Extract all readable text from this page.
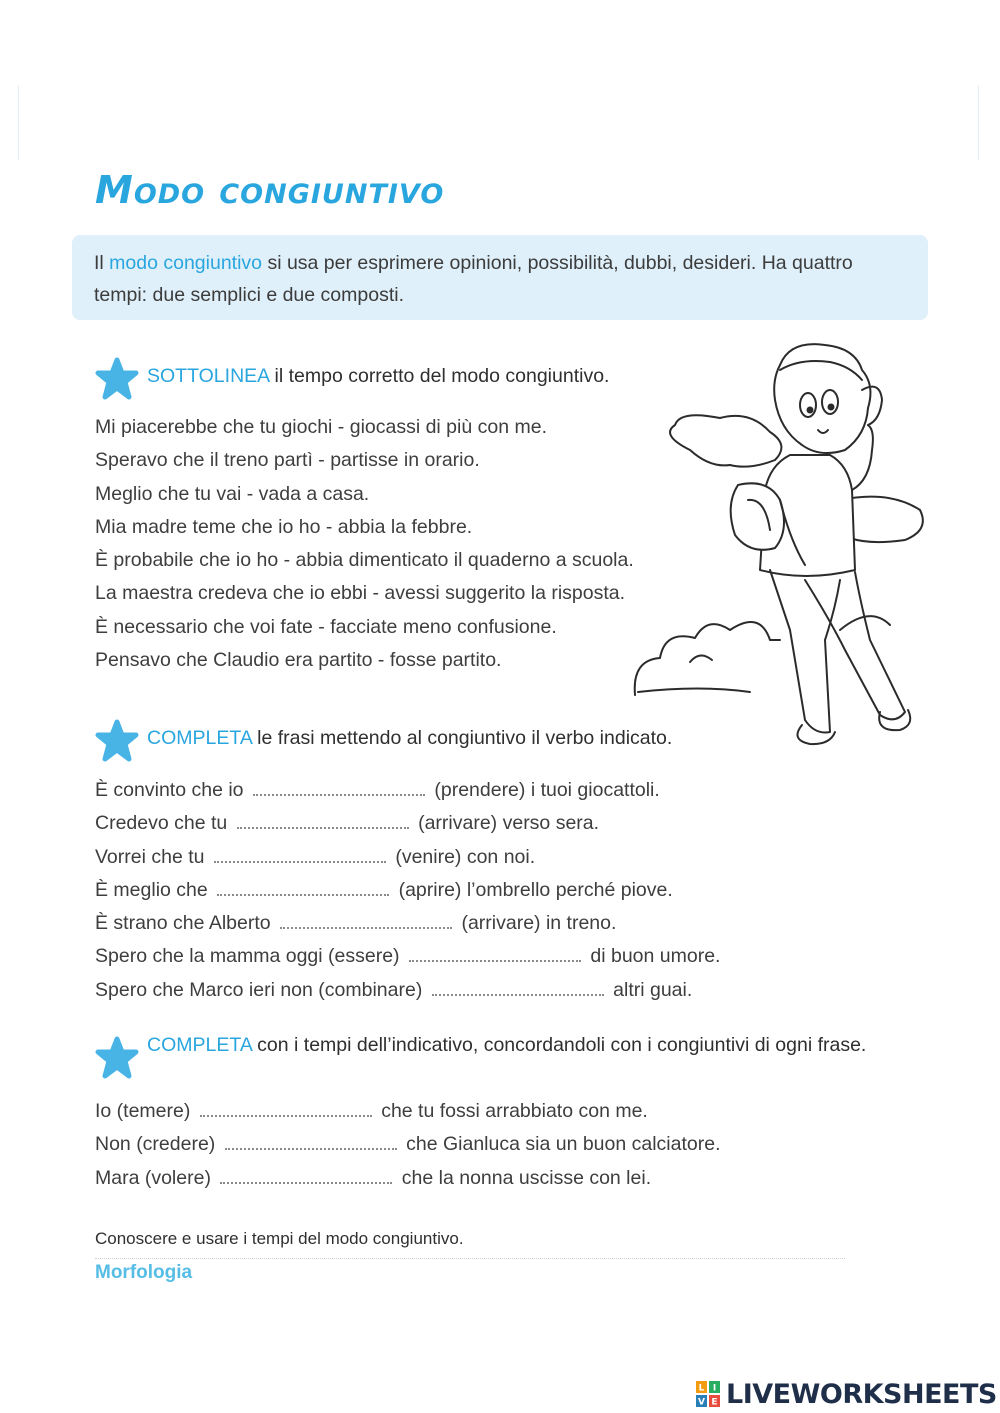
Modo congiuntivo
Il modo congiuntivo si usa per esprimere opinioni, possibilità, dubbi, desideri. Ha quattro tempi: due semplici e due composti.
SOTTOLINEA il tempo corretto del modo congiuntivo.
Mi piacerebbe che tu giochi - giocassi di più con me.
Speravo che il treno partì - partisse in orario.
Meglio che tu vai - vada a casa.
Mia madre teme che io ho - abbia la febbre.
È probabile che io ho - abbia dimenticato il quaderno a scuola.
La maestra credeva che io ebbi - avessi suggerito la risposta.
È necessario che voi fate - facciate meno confusione.
Pensavo che Claudio era partito - fosse partito.
COMPLETA le frasi mettendo al congiuntivo il verbo indicato.
È convinto che io	(prendere) i tuoi giocattoli.
Credevo che tu	(arrivare) verso sera.
Vorrei che tu	(venire) con noi.
È meglio che	(aprire) l’ombrello perché piove.
È strano che Alberto	(arrivare) in treno.
Spero che la mamma oggi (essere)	di buon umore.
Spero che Marco ieri non (combinare)	altri guai.
COMPLETA con i tempi dell’indicativo, concordandoli con i congiuntivi di ogni frase.
Io (temere)	che tu fossi arrabbiato con me.
Non (credere)	che Gianluca sia un buon calciatore.
Mara (volere)	che la nonna uscisse con lei.
Conoscere e usare i tempi del modo congiuntivo.
Morfologia
L I
V E LIVEWORKSHEETS
